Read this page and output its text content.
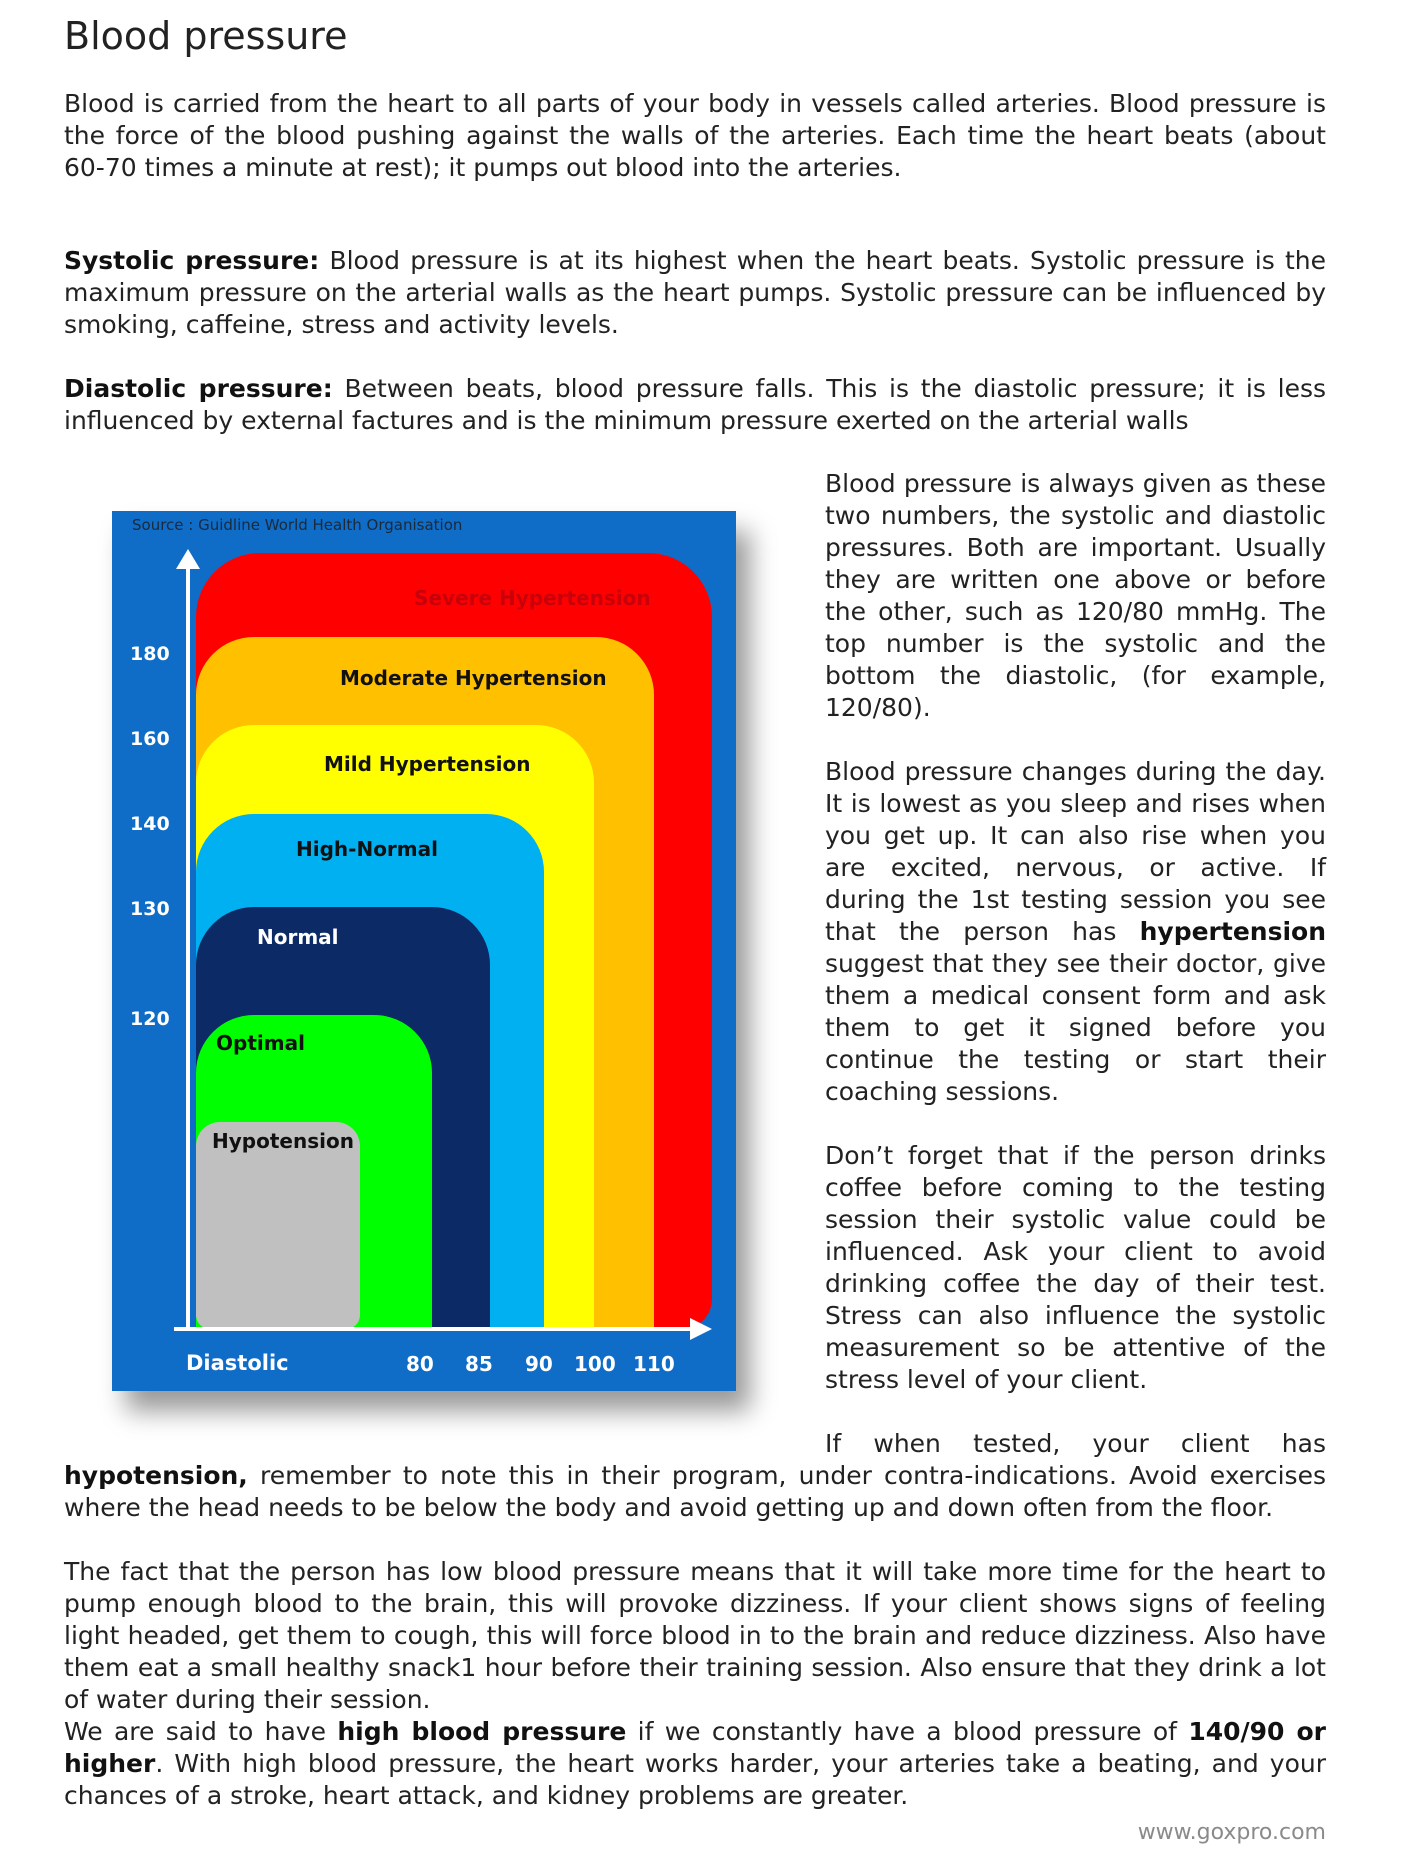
Blood pressure

Blood is carried from the heart to all parts of your body in vessels called arteries. Blood pressure is the force of the blood pushing against the walls of the arteries. Each time the heart beats (about 60-70 times a minute at rest); it pumps out blood into the arteries.

Systolic pressure: Blood pressure is at its highest when the heart beats. Systolic pressure is the maximum pressure on the arterial walls as the heart pumps. Systolic pressure can be influenced by smoking, caffeine, stress and activity levels.

Diastolic pressure: Between beats, blood pressure falls. This is the diastolic pressure; it is less influenced by external factures and is the minimum pressure exerted on the arterial walls

Source : Guidline World Health Organisation
Severe Hypertension
Moderate Hypertension
Mild Hypertension
High-Normal
Normal
Optimal
Hypotension
180
160
140
130
120
Diastolic	80 85 90 100 110

Blood pressure is always given as these two numbers, the systolic and diastolic pressures. Both are important. Usually they are written one above or before the other, such as 120/80 mmHg. The top number is the systolic and the bottom the diastolic, (for example, 120/80).

Blood pressure changes during the day. It is lowest as you sleep and rises when you get up. It can also rise when you are excited, nervous, or active. If during the 1st testing session you see that the person has hypertension suggest that they see their doctor, give them a medical consent form and ask them to get it signed before you continue the testing or start their coaching sessions.

Don’t forget that if the person drinks coffee before coming to the testing session their systolic value could be influenced. Ask your client to avoid drinking coffee the day of their test. Stress can also influence the systolic measurement so be attentive of the stress level of your client.

If when tested, your client has

hypotension, remember to note this in their program, under contra-indications. Avoid exercises where the head needs to be below the body and avoid getting up and down often from the floor.

The fact that the person has low blood pressure means that it will take more time for the heart to pump enough blood to the brain, this will provoke dizziness. If your client shows signs of feeling light headed, get them to cough, this will force blood in to the brain and reduce dizziness. Also have them eat a small healthy snack1 hour before their training session. Also ensure that they drink a lot of water during their session.

We are said to have high blood pressure if we constantly have a blood pressure of 140/90 or higher. With high blood pressure, the heart works harder, your arteries take a beating, and your chances of a stroke, heart attack, and kidney problems are greater.

www.goxpro.com
